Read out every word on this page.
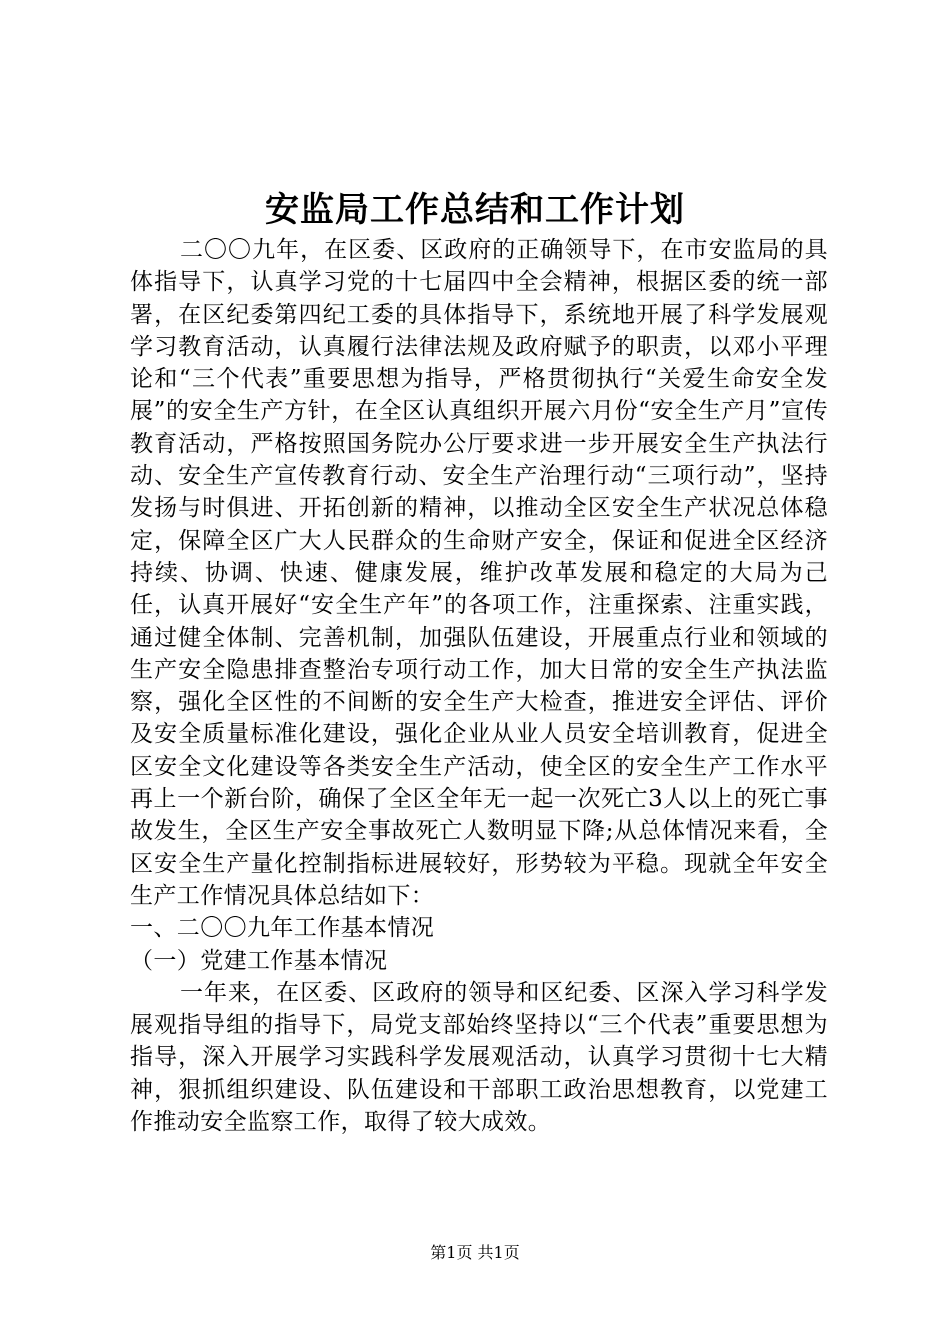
安监局工作总结和工作计划

二〇〇九年，在区委、区政府的正确领导下，在市安监局的具体指导下，认真学习党的十七届四中全会精神，根据区委的统一部署，在区纪委第四纪工委的具体指导下，系统地开展了科学发展观学习教育活动，认真履行法律法规及政府赋予的职责，以邓小平理论和“三个代表”重要思想为指导，严格贯彻执行“关爱生命安全发展”的安全生产方针，在全区认真组织开展六月份“安全生产月”宣传教育活动，严格按照国务院办公厅要求进一步开展安全生产执法行动、安全生产宣传教育行动、安全生产治理行动“三项行动”，坚持发扬与时俱进、开拓创新的精神，以推动全区安全生产状况总体稳定，保障全区广大人民群众的生命财产安全，保证和促进全区经济持续、协调、快速、健康发展，维护改革发展和稳定的大局为己任，认真开展好“安全生产年”的各项工作，注重探索、注重实践，通过健全体制、完善机制，加强队伍建设，开展重点行业和领域的生产安全隐患排查整治专项行动工作，加大日常的安全生产执法监察，强化全区性的不间断的安全生产大检查，推进安全评估、评价及安全质量标准化建设，强化企业从业人员安全培训教育，促进全区安全文化建设等各类安全生产活动，使全区的安全生产工作水平再上一个新台阶，确保了全区全年无一起一次死亡3人以上的死亡事故发生，全区生产安全事故死亡人数明显下降;从总体情况来看，全区安全生产量化控制指标进展较好，形势较为平稳。现就全年安全生产工作情况具体总结如下：

一、二〇〇九年工作基本情况

（一）党建工作基本情况

一年来，在区委、区政府的领导和区纪委、区深入学习科学发展观指导组的指导下，局党支部始终坚持以“三个代表”重要思想为指导，深入开展学习实践科学发展观活动，认真学习贯彻十七大精神，狠抓组织建设、队伍建设和干部职工政治思想教育，以党建工作推动安全监察工作，取得了较大成效。

第1页 共1页
